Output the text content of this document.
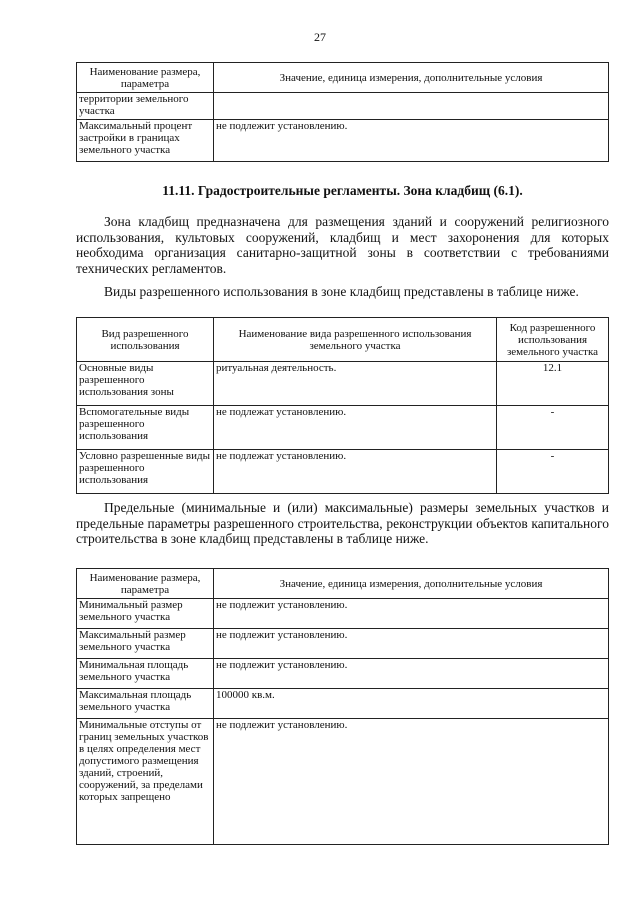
27
Наименование размера, параметра	Значение, единица измерения, дополнительные условия
территории земельного участка	
Максимальный процент застройки в границах земельного участка	не подлежит установлению.
11.11. Градостроительные регламенты. Зона кладбищ (6.1).

Зона кладбищ предназначена для размещения зданий и сооружений религиозного использования, культовых сооружений, кладбищ и мест захоронения для которых необходима организация санитарно-защитной зоны в соответствии с требованиями технических регламентов.

Виды разрешенного использования в зоне кладбищ представлены в таблице ниже.

Вид разрешенного использования	Наименование вида разрешенного использования земельного участка	Код разрешенного использования земельного участка
Основные виды разрешенного использования зоны	ритуальная деятельность.	12.1
Вспомогательные виды разрешенного использования	не подлежат установлению.	-
Условно разрешенные виды разрешенного использования	не подлежат установлению.	-

Предельные (минимальные и (или) максимальные) размеры земельных участков и предельные параметры разрешенного строительства, реконструкции объектов капитального строительства в зоне кладбищ представлены в таблице ниже.

Наименование размера, параметра	Значение, единица измерения, дополнительные условия
Минимальный размер земельного участка	не подлежит установлению.
Максимальный размер земельного участка	не подлежит установлению.
Минимальная площадь земельного участка	не подлежит установлению.
Максимальная площадь земельного участка	100000 кв.м.
Минимальные отступы от границ земельных участков в целях определения мест допустимого размещения зданий, строений, сооружений, за пределами которых запрещено	не подлежит установлению.
